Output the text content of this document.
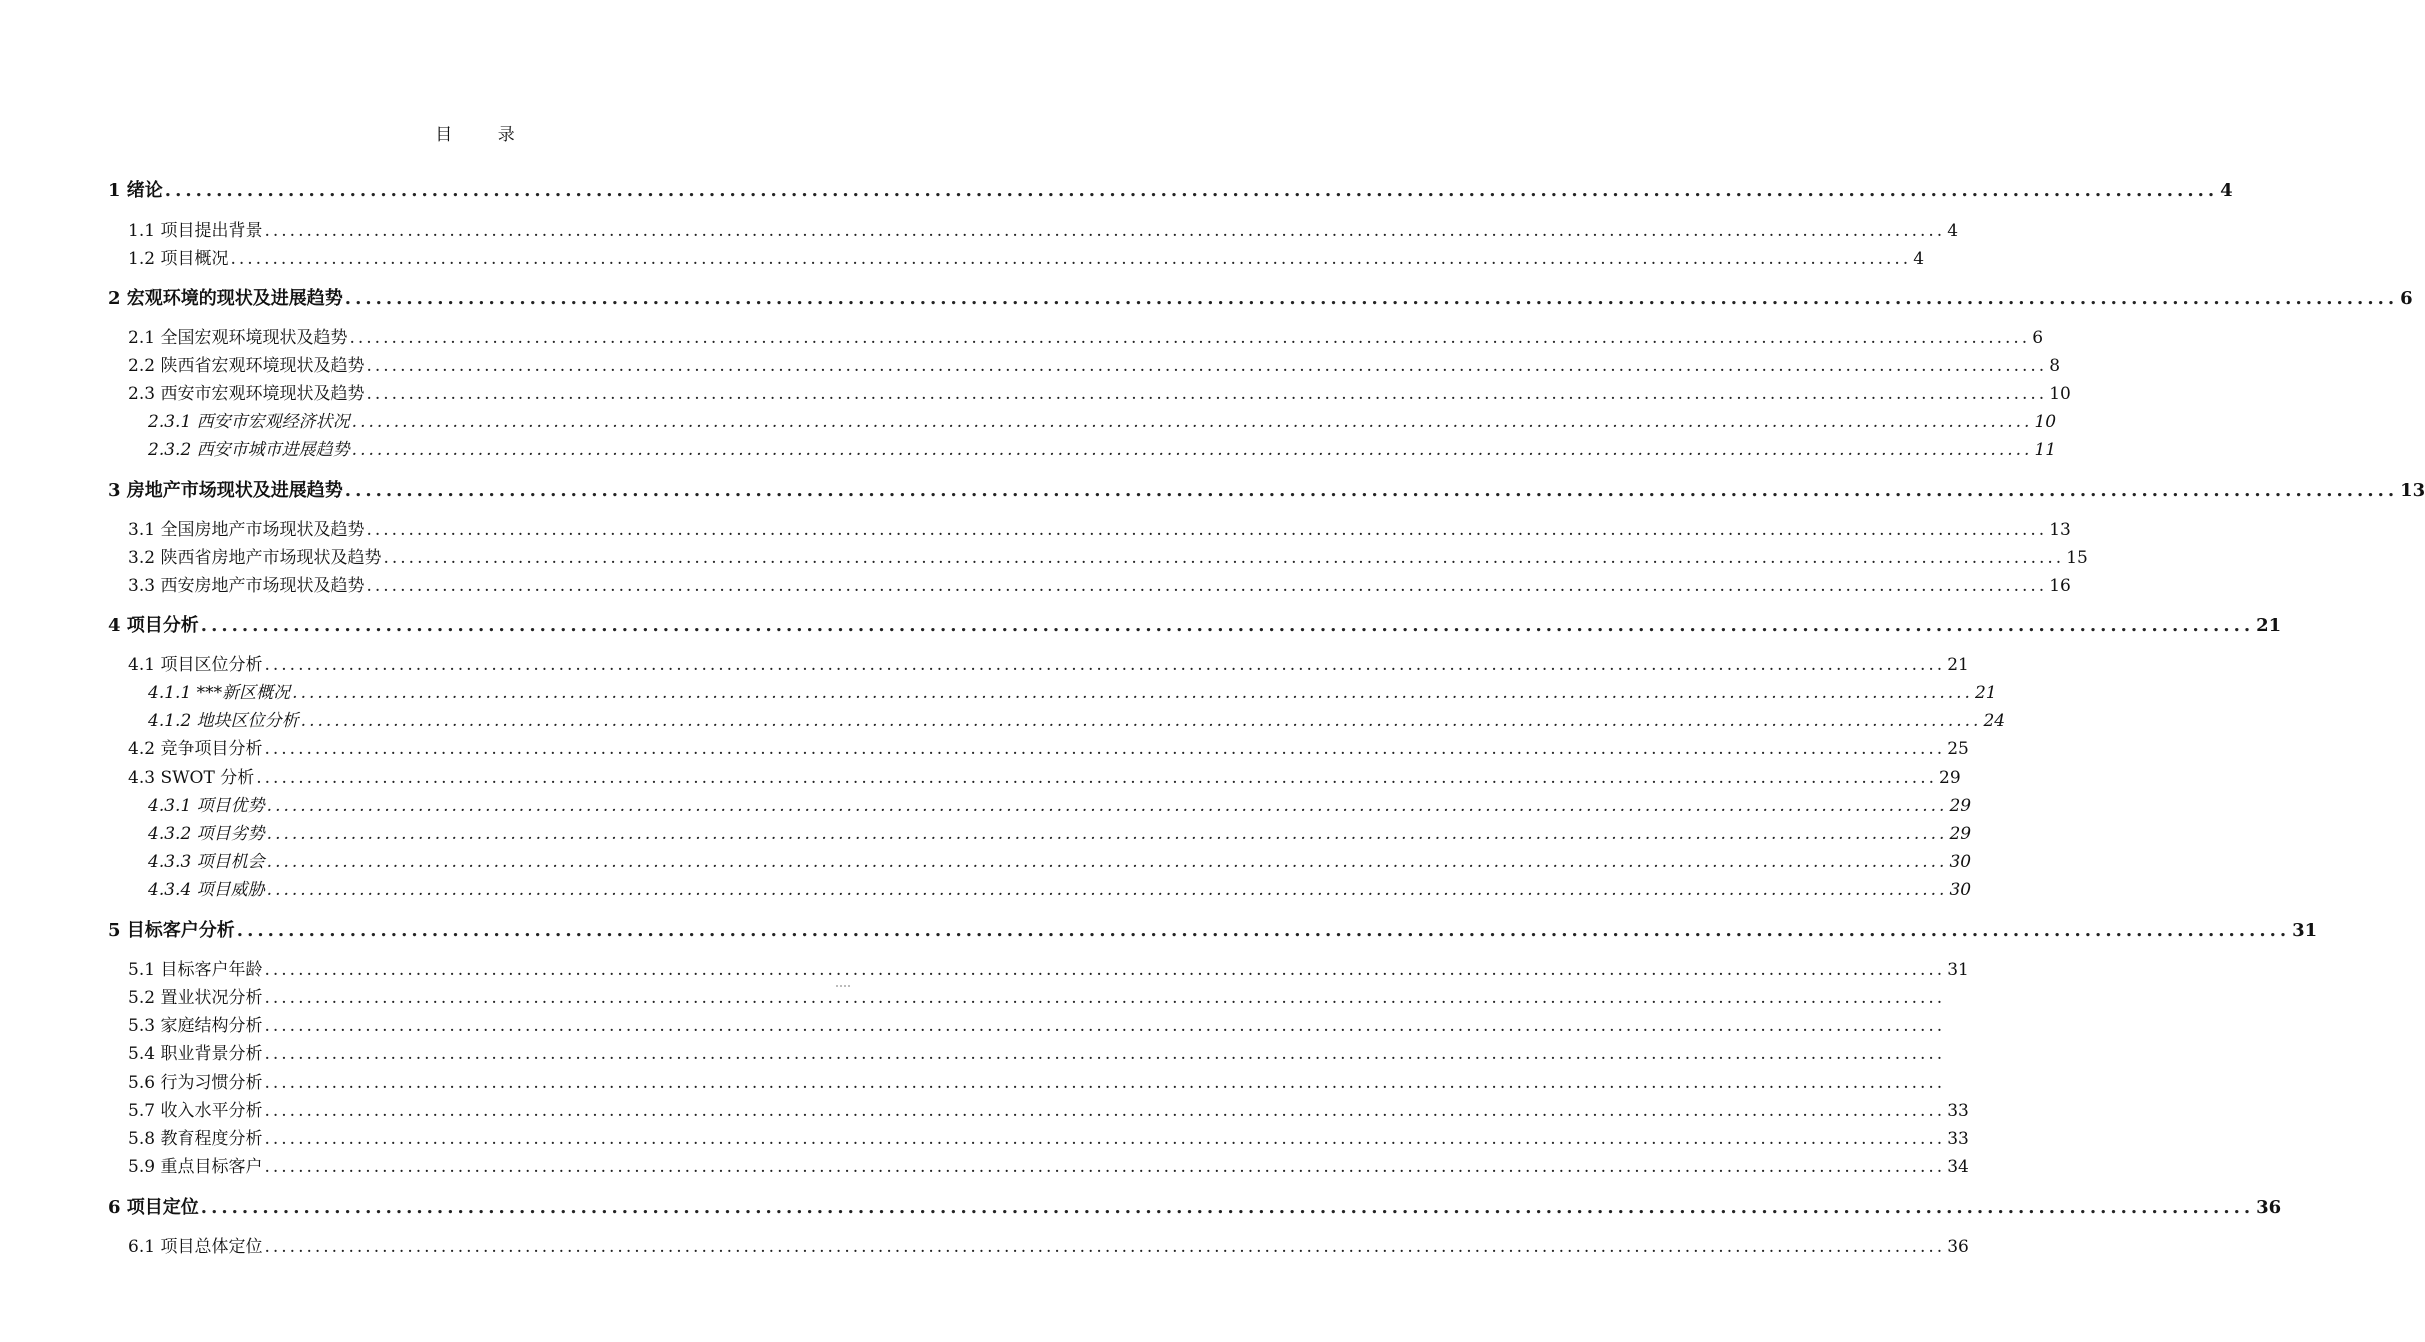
目 录
1 绪论 ........................................................................................................................................................................................................ 4
1.1 项目提出背景 ........................................................................................................................................................................................................ 4
1.2 项目概况 ........................................................................................................................................................................................................ 4
2 宏观环境的现状及进展趋势 ........................................................................................................................................................................................................ 6
2.1 全国宏观环境现状及趋势 ........................................................................................................................................................................................................ 6
2.2 陕西省宏观环境现状及趋势 ........................................................................................................................................................................................................ 8
2.3 西安市宏观环境现状及趋势 ........................................................................................................................................................................................................ 10
2.3.1 西安市宏观经济状况 ........................................................................................................................................................................................................ 10
2.3.2 西安市城市进展趋势 ........................................................................................................................................................................................................ 11
3 房地产市场现状及进展趋势 ........................................................................................................................................................................................................ 13
3.1 全国房地产市场现状及趋势 ........................................................................................................................................................................................................ 13
3.2 陕西省房地产市场现状及趋势 ........................................................................................................................................................................................................ 15
3.3 西安房地产市场现状及趋势 ........................................................................................................................................................................................................ 16
4 项目分析 ........................................................................................................................................................................................................ 21
4.1 项目区位分析 ........................................................................................................................................................................................................ 21
4.1.1 ***新区概况 ........................................................................................................................................................................................................ 21
4.1.2 地块区位分析 ........................................................................................................................................................................................................ 24
4.2 竞争项目分析 ........................................................................................................................................................................................................ 25
4.3 SWOT 分析 ........................................................................................................................................................................................................ 29
4.3.1 项目优势 ........................................................................................................................................................................................................ 29
4.3.2 项目劣势 ........................................................................................................................................................................................................ 29
4.3.3 项目机会 ........................................................................................................................................................................................................ 30
4.3.4 项目威胁 ........................................................................................................................................................................................................ 30
5 目标客户分析 ........................................................................................................................................................................................................ 31
5.1 目标客户年龄 ........................................................................................................................................................................................................ 31
5.2 置业状况分析 ........................................................................................................................................................................................................
5.3 家庭结构分析 ........................................................................................................................................................................................................
5.4 职业背景分析 ........................................................................................................................................................................................................
5.6 行为习惯分析 ........................................................................................................................................................................................................
5.7 收入水平分析 ........................................................................................................................................................................................................ 33
5.8 教育程度分析 ........................................................................................................................................................................................................ 33
5.9 重点目标客户 ........................................................................................................................................................................................................ 34
6 项目定位 ........................................................................................................................................................................................................ 36
6.1 项目总体定位 ........................................................................................................................................................................................................ 36
